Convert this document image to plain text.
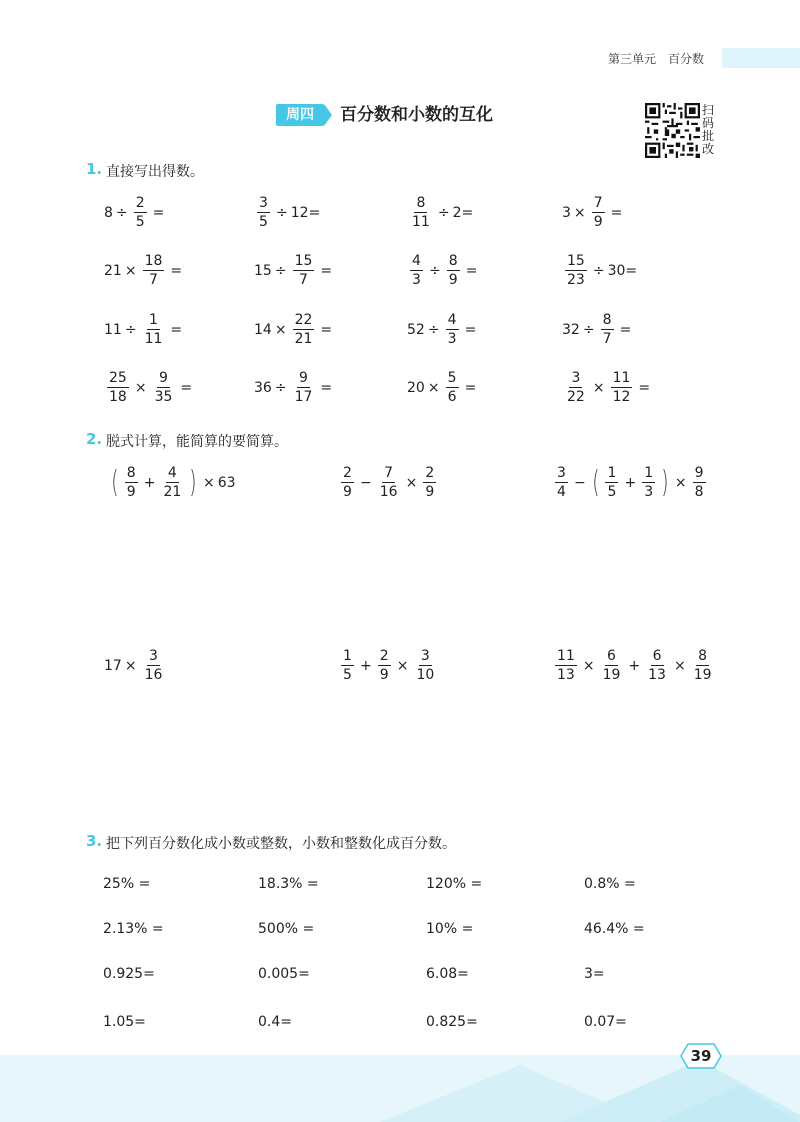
第三单元 百分数
周四	百分数和小数的互化	扫
码
批
改
1. 直接写出得数。
$8 \div \frac{2}{5}$ =	$\frac{3}{5} \div 12$ =	$\frac{8}{11} \div 2$ =	$3 \times \frac{7}{9}$ =
$21 \times \frac{18}{7}$ =	$15 \div \frac{15}{7}$ =	$\frac{4}{3} \div \frac{8}{9}$ =	$\frac{15}{23} \div 30$ =
$11 \div \frac{1}{11}$ =	$14 \times \frac{22}{21}$ =	$52 \div \frac{4}{3}$ =	$32 \div \frac{8}{7}$ =
$\frac{25}{18} \times \frac{9}{35}$ =	$36 \div \frac{9}{17}$ =	$20 \times \frac{5}{6}$ =	$\frac{3}{22} \times \frac{11}{12}$ =
2. 脱式计算，能简算的要简算。
( $\frac{8}{9} + \frac{4}{21}$ ) × 63	$\frac{2}{9} - \frac{7}{16} \times \frac{2}{9}$	$\frac{3}{4}$ − ( $\frac{1}{5} + \frac{1}{3}$ ) × $\frac{9}{8}$
$17 \times \frac{3}{16}$	$\frac{1}{5} + \frac{2}{9} \times \frac{3}{10}$	$\frac{11}{13} \times \frac{6}{19} + \frac{6}{13} \times \frac{8}{19}$
3. 把下列百分数化成小数或整数，小数和整数化成百分数。
25% =	18.3% =	120% =	0.8% =
2.13% =	500% =	10% =	46.4% =
0.925=	0.005=	6.08=	3=
1.05=	0.4=	0.825=	0.07=
39
